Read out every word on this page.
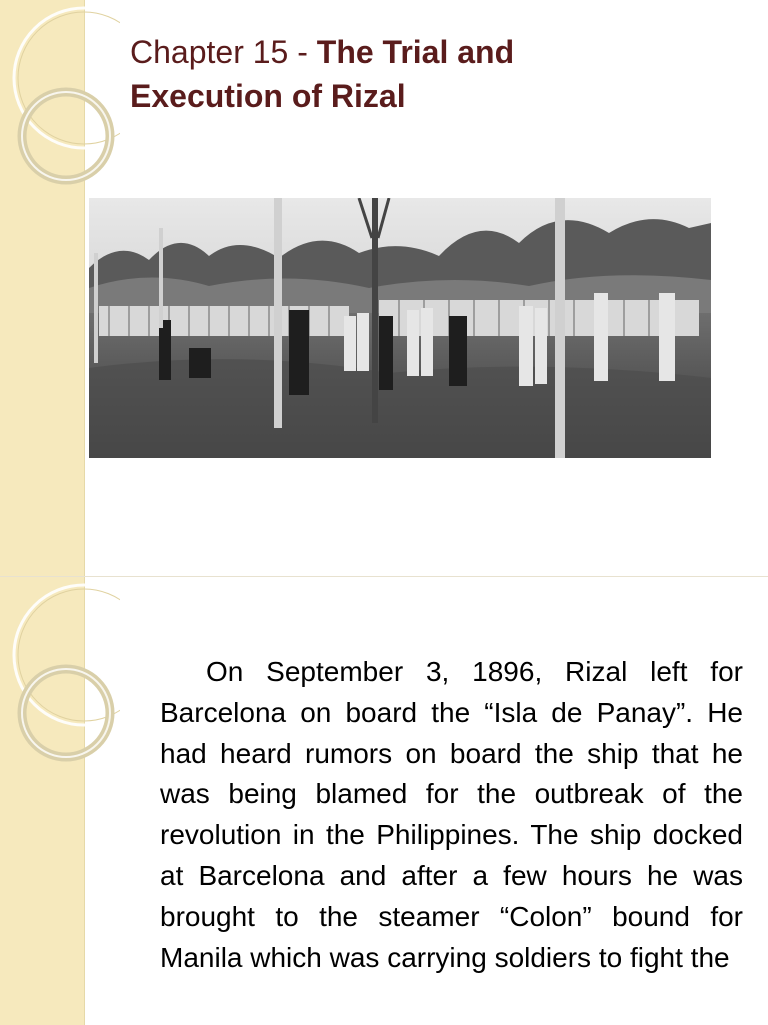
Chapter 15 - The Trial and
Execution of Rizal

On September 3, 1896, Rizal left for Barcelona on board the “Isla de Panay”. He had heard rumors on board the ship that he was being blamed for the outbreak of the revolution in the Philippines. The ship docked at Barcelona and after a few hours he was brought to the steamer “Colon” bound for Manila which was carrying soldiers to fight the
